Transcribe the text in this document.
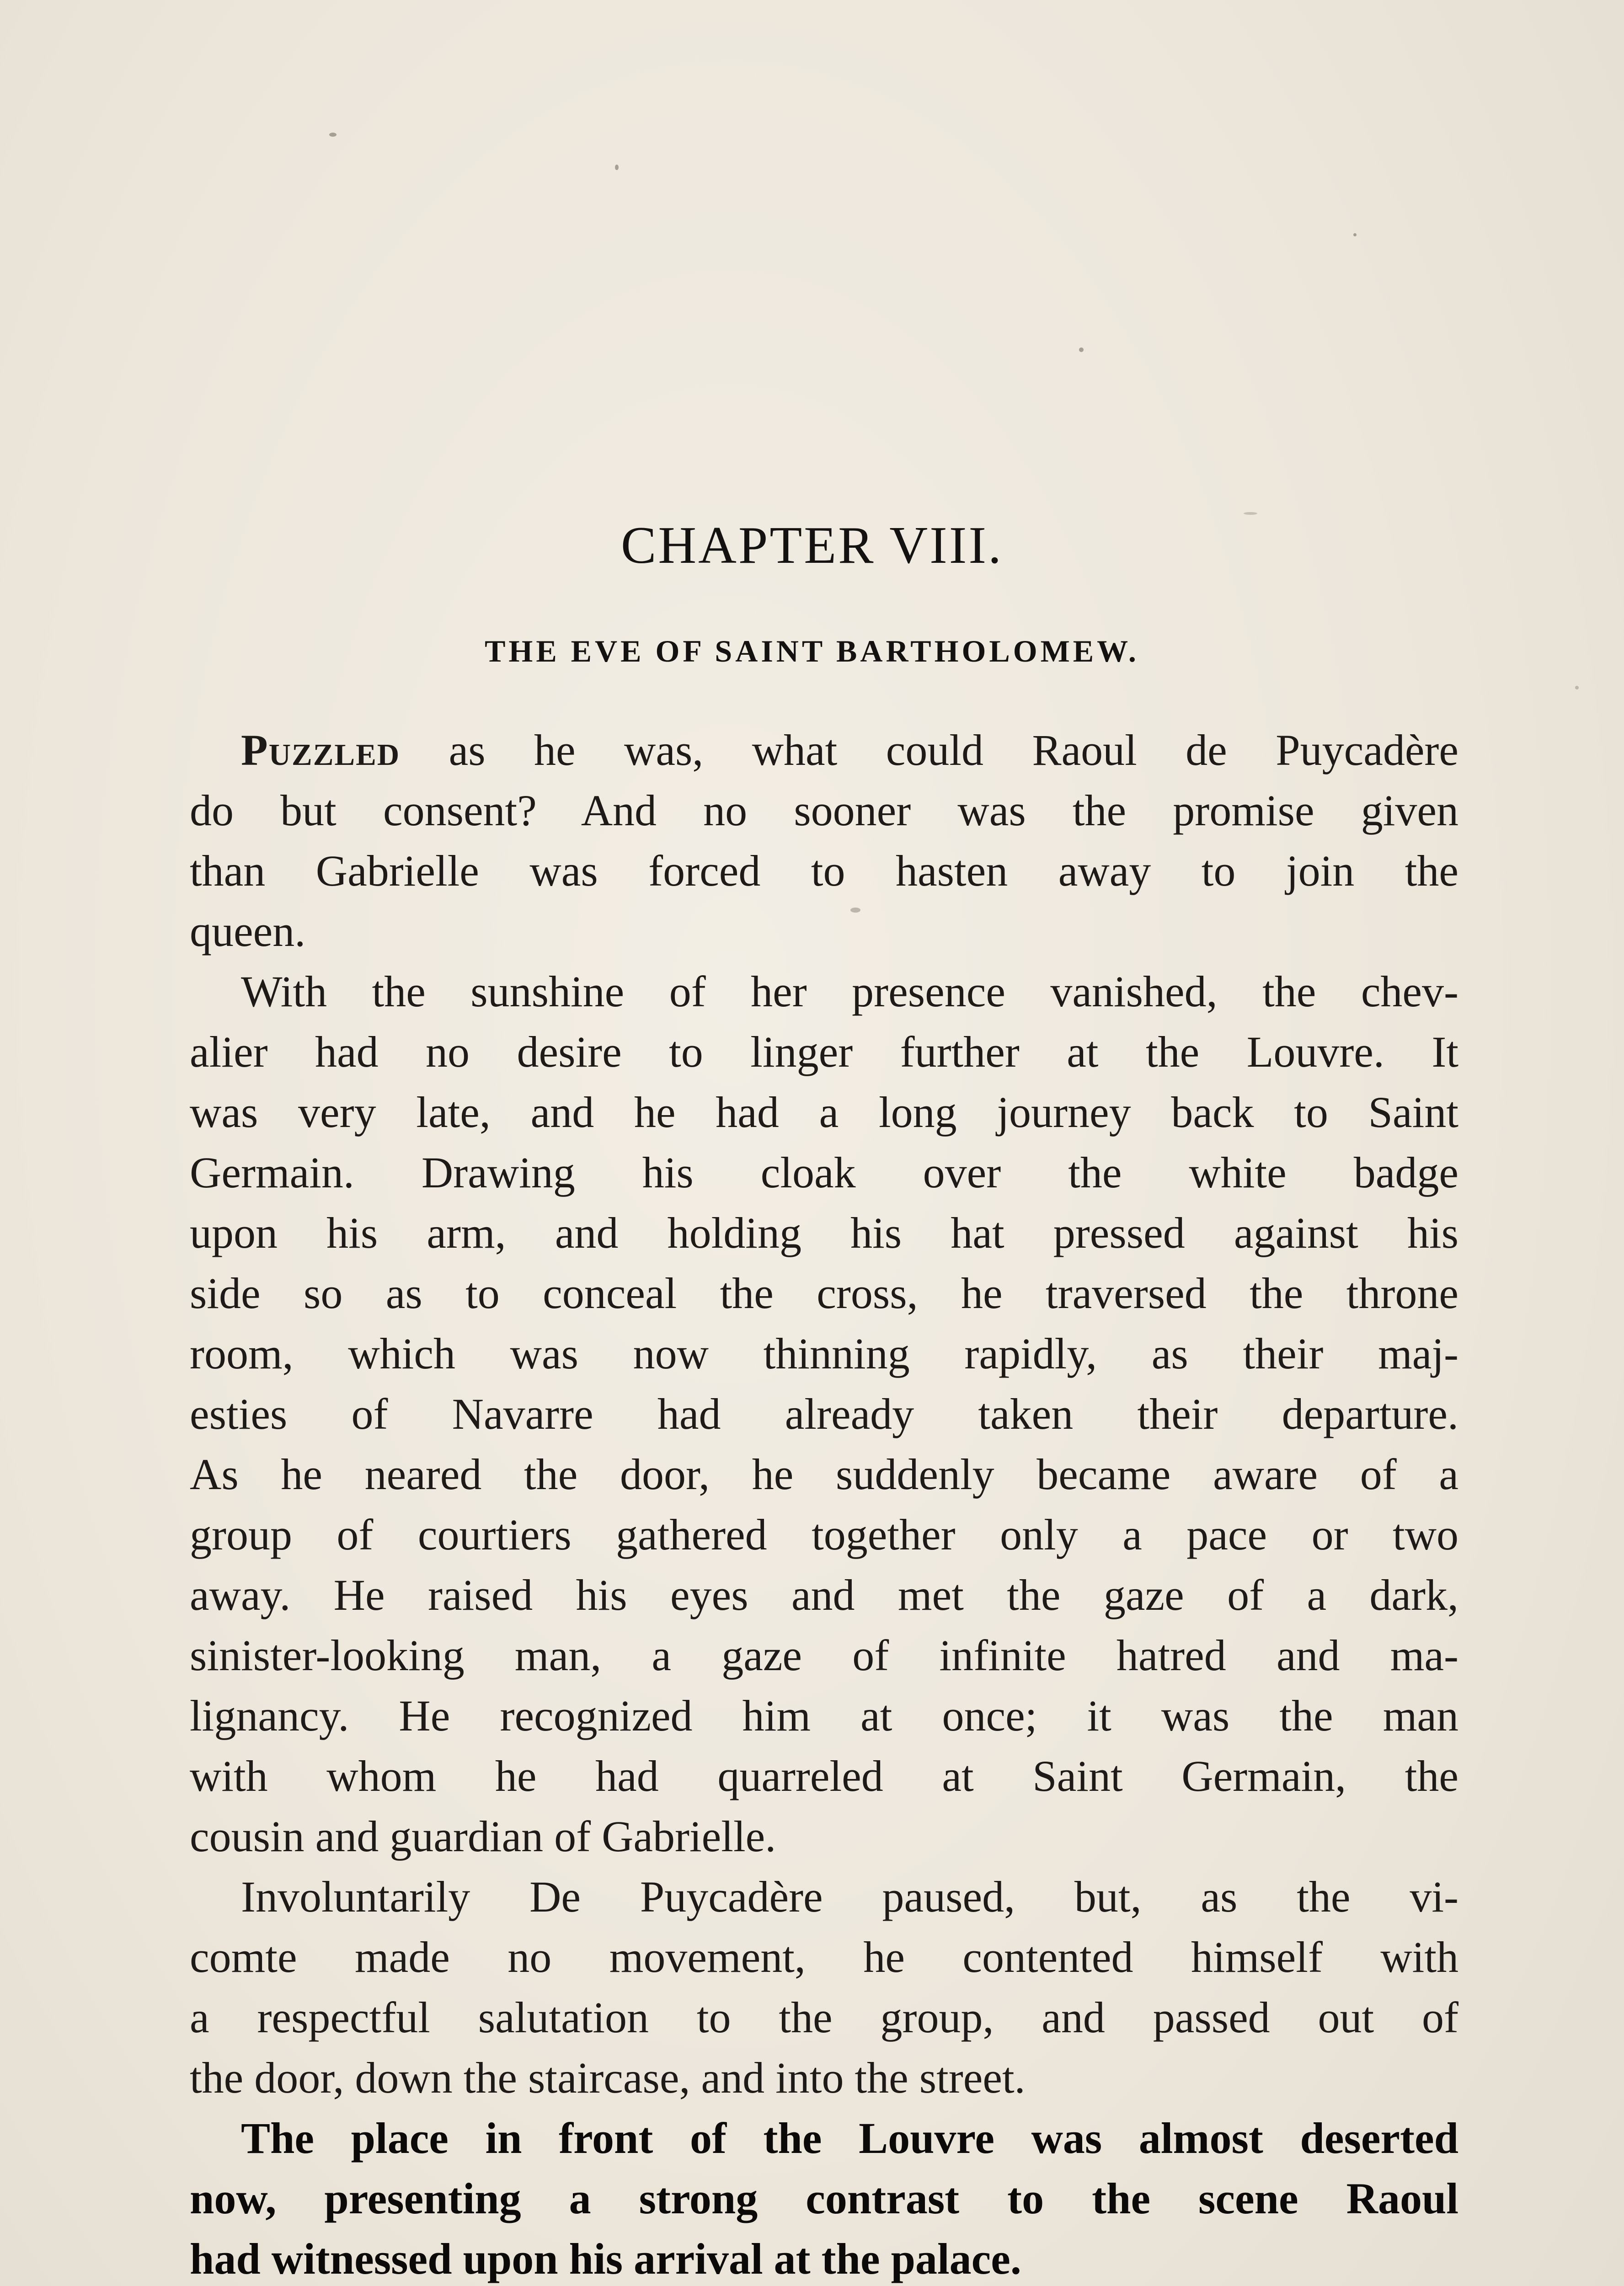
CHAPTER VIII.
THE EVE OF SAINT BARTHOLOMEW.
Puzzled as he was, what could Raoul de Puycadère
do but consent? And no sooner was the promise given
than Gabrielle was forced to hasten away to join the
queen.
With the sunshine of her presence vanished, the chev-
alier had no desire to linger further at the Louvre. It
was very late, and he had a long journey back to Saint
Germain. Drawing his cloak over the white badge
upon his arm, and holding his hat pressed against his
side so as to conceal the cross, he traversed the throne
room, which was now thinning rapidly, as their maj-
esties of Navarre had already taken their departure.
As he neared the door, he suddenly became aware of a
group of courtiers gathered together only a pace or two
away. He raised his eyes and met the gaze of a dark,
sinister-looking man, a gaze of infinite hatred and ma-
lignancy. He recognized him at once; it was the man
with whom he had quarreled at Saint Germain, the
cousin and guardian of Gabrielle.
Involuntarily De Puycadère paused, but, as the vi-
comte made no movement, he contented himself with
a respectful salutation to the group, and passed out of
the door, down the staircase, and into the street.
The place in front of the Louvre was almost deserted
now, presenting a strong contrast to the scene Raoul
had witnessed upon his arrival at the palace.
